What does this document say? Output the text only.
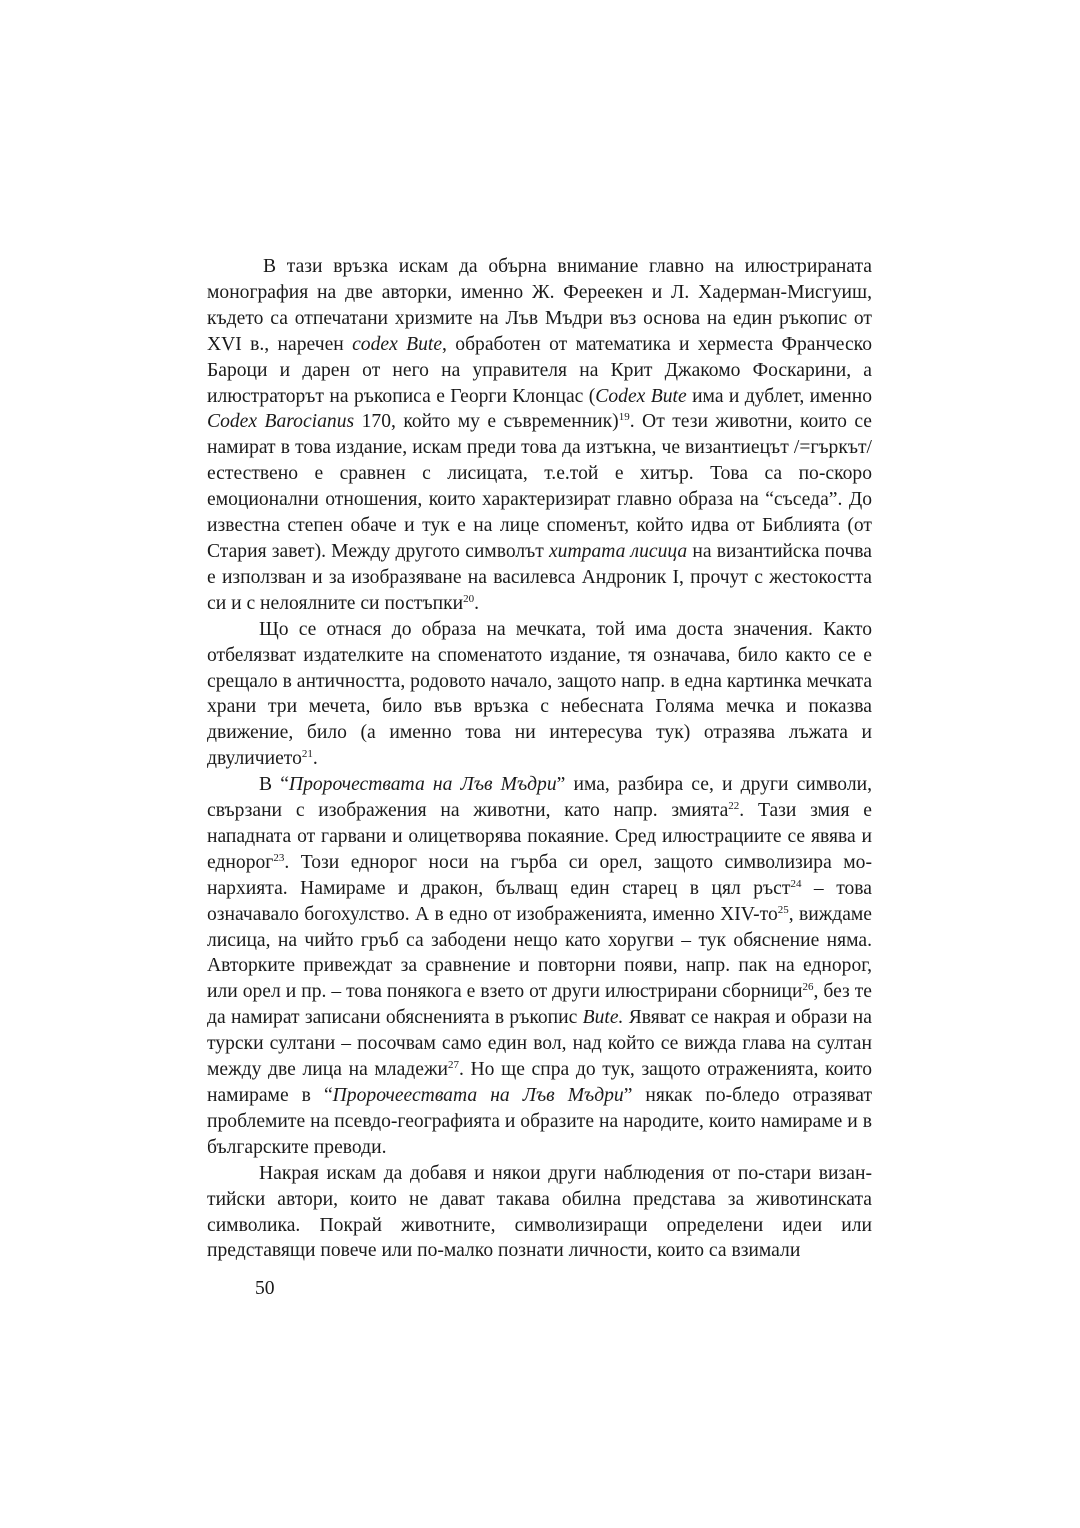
В тази връзка искам да обърна внимание главно на илюстрираната монография на две авторки, именно Ж. Фереекен и Л. Хадерман-Мисгуиш, където са отпечатани хризмите на Лъв Мъдри въз основа на един ръкопис от XVI в., наречен codex Bute, обработен от математика и херместа Франческо Бароци и дарен от него на управителя на Крит Джакомо Фоскарини, а илюстраторът на ръкописа е Георги Клонцас (Codex Bute има и дублет, именно Codex Barocianus 170, който му е съвременник)$^{19}$. От тези животни, които се намират в това издание, искам преди това да изтъкна, че византиецът /=гъркът/ естествено е сравнен с лисицата, т.е.той е хитър. Това са по-скоро емоционални отношения, които характеризират главно образа на “съседа”. До известна степен обаче и тук е на лице споменът, който идва от Библията (от Стария завет). Между другото символът хитрата лисица на византийска почва е използван и за изобразяване на василевса Андроник I, прочут с жестокостта си и с нелоялните си постъпки$^{20}$.

Що се отнася до образа на мечката, той има доста значения. Както отбелязват издателките на споменатото издание, тя означава, било както се е срещало в античността, родовото начало, защото напр. в една картинка мечката храни три мечета, било във връзка с небесната Голяма мечка и показва движение, било (а именно това ни интересува тук) отразява лъжата и двуличието$^{21}$.

В “Пророчествата на Лъв Мъдри” има, разбира се, и други символи, свързани с изображения на животни, като напр. змията$^{22}$. Тази змия е нападната от гарвани и олицетворява покаяние. Сред илюстрациите се явява и еднорог$^{23}$. Този еднорог носи на гърба си орел, защото символизира монархията. Намираме и дракон, бълващ един старец в цял ръст$^{24}$ – това означавало богохулство. А в едно от изображенията, именно XIV-$то^{25}$, виждаме лисица, на чийто гръб са забодени нещо като хоругви – тук обяснение няма. Авторките привеждат за сравнение и повторни появи, напр. пак на еднорог, или орел и пр. – това понякога е взето от други илюстрирани сборници$^{26}$, без те да намират записани обясненията в ръкопис Bute. Явяват се накрая и образи на турски султани – посочвам само един вол, над който се вижда глава на султан между две лица на младежи$^{27}$. Но ще спра до тук, защото отраженията, които намираме в “Пророчеествата на Лъв Мъдри” някак по-бледо отразяват проблемите на псевдо-географията и образите на народите, които намираме и в българските преводи.

Накрая искам да добавя и някои други наблюдения от по-стари византийски автори, които не дават такава обилна представа за животинската символика. Покрай животните, символизиращи определени идеи или представящи повече или по-малко познати личности, които са взимали

50
